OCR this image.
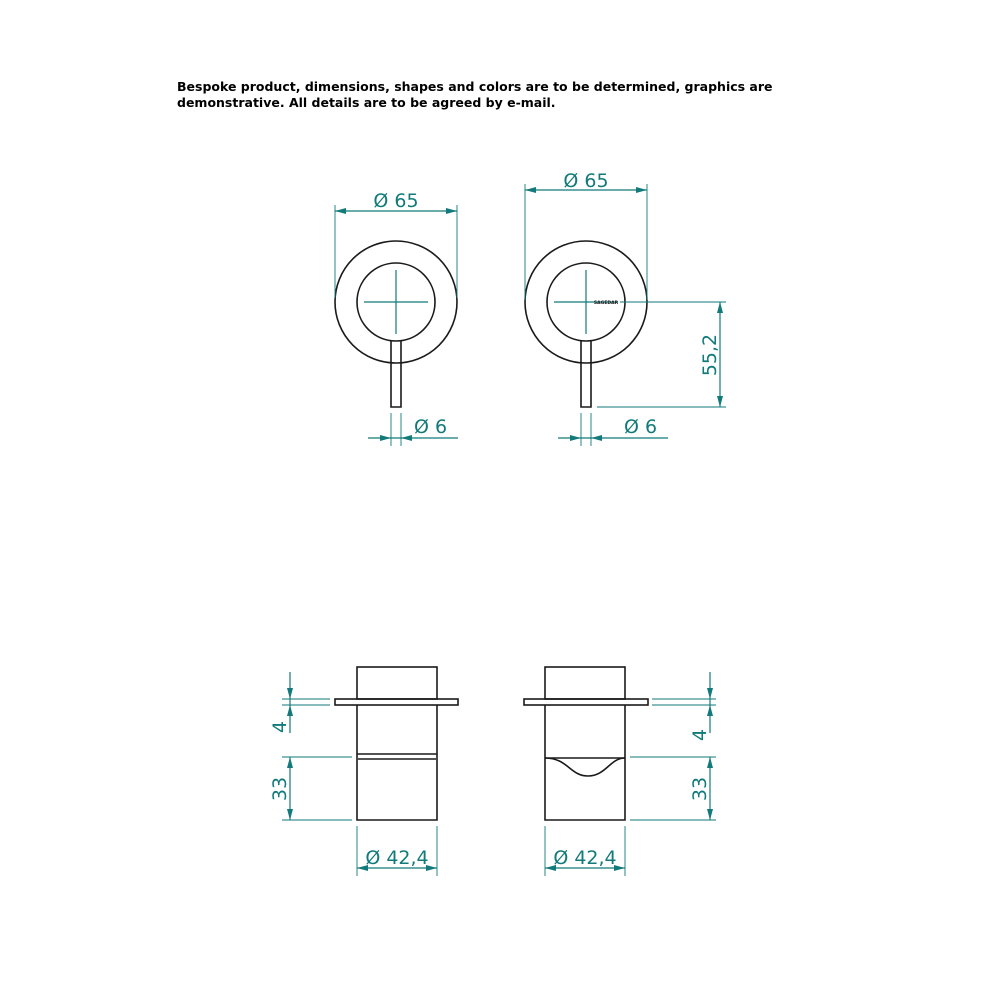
Bespoke product, dimensions, shapes and colors are to be determined, graphics are
demonstrative. All details are to be agreed by e-mail.
Ø 65
Ø 6
SAGEDAR
Ø 65
55,2
Ø 6
4
33
Ø 42,4
4
33
Ø 42,4
